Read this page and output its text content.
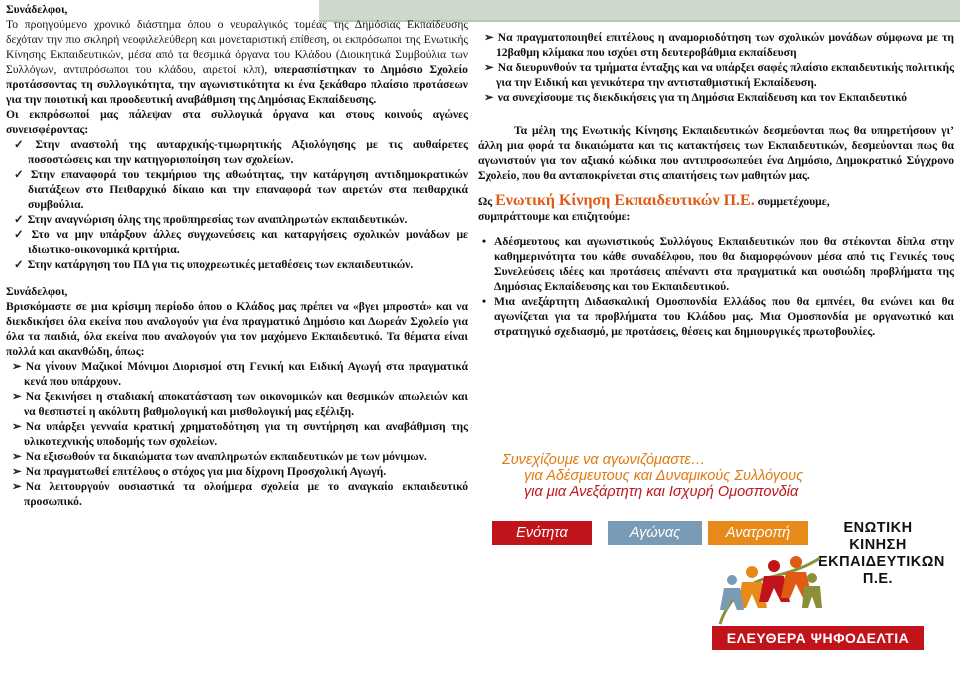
Συνάδελφοι,

Το προηγούμενο χρονικό διάστημα όπου ο νευραλγικός τομέας της Δημόσιας Εκπαίδευσης δεχόταν την πιο σκληρή νεοφιλελεύθερη και μονεταριστική επίθεση, οι εκπρόσωποι της Ενωτικής Κίνησης Εκπαιδευτικών, μέσα από τα θεσμικά όργανα του Κλάδου (Διοικητικά Συμβούλια των Συλλόγων, αντιπρόσωποι του κλάδου, αιρετοί κλπ), υπερασπίστηκαν το Δημόσιο Σχολείο προτάσσοντας τη συλλογικότητα, την αγωνιστικότητα κι ένα ξεκάθαρο πλαίσιο προτάσεων για την ποιοτική και προοδευτική αναβάθμιση της Δημόσιας Εκπαίδευσης.

Οι εκπρόσωποί μας πάλεψαν στα συλλογικά όργανα και στους κοινούς αγώνες συνεισφέροντας:

✓ Στην αναστολή της αυταρχικής-τιμωρητικής Αξιολόγησης με τις αυθαίρετες ποσοστώσεις και την κατηγοριοποίηση των σχολείων.

✓ Στην επαναφορά του τεκμήριου της αθωότητας, την κατάργηση αντιδημοκρατικών διατάξεων στο Πειθαρχικό δίκαιο και την επαναφορά των αιρετών στα πειθαρχικά συμβούλια.

✓ Στην αναγνώριση όλης της προϋπηρεσίας των αναπληρωτών εκπαιδευτικών.

✓ Στο να μην υπάρξουν άλλες συγχωνεύσεις και καταργήσεις σχολικών μονάδων με ιδιωτικο-οικονομικά κριτήρια.

✓ Στην κατάργηση του ΠΔ για τις υποχρεωτικές μεταθέσεις των εκπαιδευτικών.

Συνάδελφοι,

Βρισκόμαστε σε μια κρίσιμη περίοδο όπου ο Κλάδος μας πρέπει να «βγει μπροστά» και να διεκδικήσει όλα εκείνα που αναλογούν για ένα πραγματικό Δημόσιο και Δωρεάν Σχολείο για όλα τα παιδιά, όλα εκείνα που αναλογούν για τον μαχόμενο Εκπαιδευτικό. Τα θέματα είναι πολλά και ακανθώδη, όπως:

➢ Να γίνουν Μαζικοί Μόνιμοι Διορισμοί στη Γενική και Ειδική Αγωγή στα πραγματικά κενά που υπάρχουν.

➢ Να ξεκινήσει η σταδιακή αποκατάσταση των οικονομικών και θεσμικών απωλειών και να θεσπιστεί η ακόλυτη βαθμολογική και μισθολογική μας εξέλιξη.

➢ Να υπάρξει γενναία κρατική χρηματοδότηση για τη συντήρηση και αναβάθμιση της υλικοτεχνικής υποδομής των σχολείων.

➢ Να εξισωθούν τα δικαιώματα των αναπληρωτών εκπαιδευτικών με των μόνιμων.

➢ Να πραγματωθεί επιτέλους ο στόχος για μια δίχρονη Προσχολική Αγωγή.

➢ Να λειτουργούν ουσιαστικά τα ολοήμερα σχολεία με το αναγκαίο εκπαιδευτικό προσωπικό.

➢ Να πραγματοποιηθεί επιτέλους η αναμοριοδότηση των σχολικών μονάδων σύμφωνα με τη 12βαθμη κλίμακα που ισχύει στη δευτεροβάθμια εκπαίδευση

➢ Να διευρυνθούν τα τμήματα ένταξης και να υπάρξει σαφές πλαίσιο εκπαιδευτικής πολιτικής για την Ειδική και γενικότερα την αντισταθμιστική Εκπαίδευση.

➢ να συνεχίσουμε τις διεκδικήσεις για τη Δημόσια Εκπαίδευση και τον Εκπαιδευτικό

Τα μέλη της Ενωτικής Κίνησης Εκπαιδευτικών δεσμεύονται πως θα υπηρετήσουν γι’ άλλη μια φορά τα δικαιώματα και τις κατακτήσεις των Εκπαιδευτικών, δεσμεύονται πως θα αγωνιστούν για τον αξιακό κώδικα που αντιπροσωπεύει ένα Δημόσιο, Δημοκρατικό Σύγχρονο Σχολείο, που θα ανταποκρίνεται στις απαιτήσεις των μαθητών μας.

Ως Ενωτική Κίνηση Εκπαιδευτικών Π.Ε. συμμετέχουμε,

συμπράττουμε και επιζητούμε:

• Αδέσμευτους και αγωνιστικούς Συλλόγους Εκπαιδευτικών που θα στέκονται δίπλα στην καθημερινότητα του κάθε συναδέλφου, που θα διαμορφώνουν μέσα από τις Γενικές τους Συνελεύσεις ιδέες και προτάσεις απέναντι στα πραγματικά και ουσιώδη προβλήματα της Δημόσιας Εκπαίδευσης και του Εκπαιδευτικού.

• Μια ανεξάρτητη Διδασκαλική Ομοσπονδία Ελλάδος που θα εμπνέει, θα ενώνει και θα αγωνίζεται για τα προβλήματα του Κλάδου μας. Μια Ομοσπονδία με οργανωτικό και στρατηγικό σχεδιασμό, με προτάσεις, θέσεις και δημιουργικές πρωτοβουλίες.

Συνεχίζουμε να αγωνιζόμαστε…
για Αδέσμευτους και Δυναμικούς Συλλόγους
για μια Ανεξάρτητη και Ισχυρή Ομοσπονδία
Ενότητα	Αγώνας	Ανατροπή	ΕΝΩΤΙΚΗ
ΚΙΝΗΣΗ
ΕΚΠΑΙΔΕΥΤΙΚΩΝ
Π.Ε.
ΕΛΕΥΘΕΡΑ ΨΗΦΟΔΕΛΤΙΑ
